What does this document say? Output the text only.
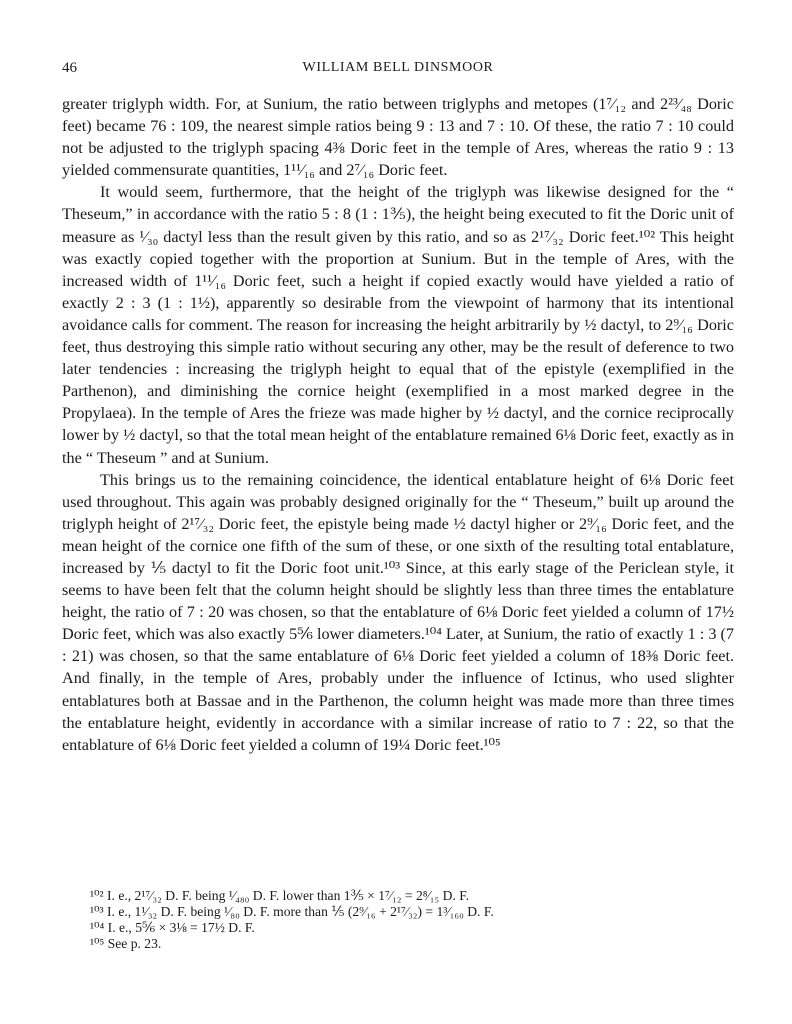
46	WILLIAM BELL DINSMOOR

greater triglyph width. For, at Sunium, the ratio between triglyphs and metopes (1⁷⁄₁₂ and 2²³⁄₄₈ Doric feet) became 76 : 109, the nearest simple ratios being 9 : 13 and 7 : 10. Of these, the ratio 7 : 10 could not be adjusted to the triglyph spacing 4⅜ Doric feet in the temple of Ares, whereas the ratio 9 : 13 yielded commensurate quantities, 1¹¹⁄₁₆ and 2⁷⁄₁₆ Doric feet.

It would seem, furthermore, that the height of the triglyph was likewise designed for the “ Theseum,” in accordance with the ratio 5 : 8 (1 : 1⅗), the height being executed to fit the Doric unit of measure as ¹⁄₃₀ dactyl less than the result given by this ratio, and so as 2¹⁷⁄₃₂ Doric feet.¹⁰² This height was exactly copied together with the proportion at Sunium. But in the temple of Ares, with the increased width of 1¹¹⁄₁₆ Doric feet, such a height if copied exactly would have yielded a ratio of exactly 2 : 3 (1 : 1½), apparently so desirable from the viewpoint of harmony that its intentional avoidance calls for comment. The reason for increasing the height arbitrarily by ½ dactyl, to 2⁹⁄₁₆ Doric feet, thus destroying this simple ratio without securing any other, may be the result of deference to two later tendencies : increasing the triglyph height to equal that of the epistyle (exemplified in the Parthenon), and diminishing the cornice height (exemplified in a most marked degree in the Propylaea). In the temple of Ares the frieze was made higher by ½ dactyl, and the cornice reciprocally lower by ½ dactyl, so that the total mean height of the entablature remained 6⅛ Doric feet, exactly as in the “ Theseum ” and at Sunium.

This brings us to the remaining coincidence, the identical entablature height of 6⅛ Doric feet used throughout. This again was probably designed originally for the “ Theseum,” built up around the triglyph height of 2¹⁷⁄₃₂ Doric feet, the epistyle being made ½ dactyl higher or 2⁹⁄₁₆ Doric feet, and the mean height of the cornice one fifth of the sum of these, or one sixth of the resulting total entablature, increased by ⅕ dactyl to fit the Doric foot unit.¹⁰³ Since, at this early stage of the Periclean style, it seems to have been felt that the column height should be slightly less than three times the entablature height, the ratio of 7 : 20 was chosen, so that the entablature of 6⅛ Doric feet yielded a column of 17½ Doric feet, which was also exactly 5⅚ lower diameters.¹⁰⁴ Later, at Sunium, the ratio of exactly 1 : 3 (7 : 21) was chosen, so that the same entablature of 6⅛ Doric feet yielded a column of 18⅜ Doric feet. And finally, in the temple of Ares, probably under the influence of Ictinus, who used slighter entablatures both at Bassae and in the Parthenon, the column height was made more than three times the entablature height, evidently in accordance with a similar increase of ratio to 7 : 22, so that the entablature of 6⅛ Doric feet yielded a column of 19¼ Doric feet.¹⁰⁵

¹⁰² I. e., 2¹⁷⁄₃₂ D. F. being ¹⁄₄₈₀ D. F. lower than 1⅗ × 1⁷⁄₁₂ = 2⁸⁄₁₅ D. F.

¹⁰³ I. e., 1¹⁄₃₂ D. F. being ¹⁄₈₀ D. F. more than ⅕ (2⁹⁄₁₆ + 2¹⁷⁄₃₂) = 1³⁄₁₆₀ D. F.

¹⁰⁴ I. e., 5⅚ × 3⅛ = 17½ D. F.

¹⁰⁵ See p. 23.
